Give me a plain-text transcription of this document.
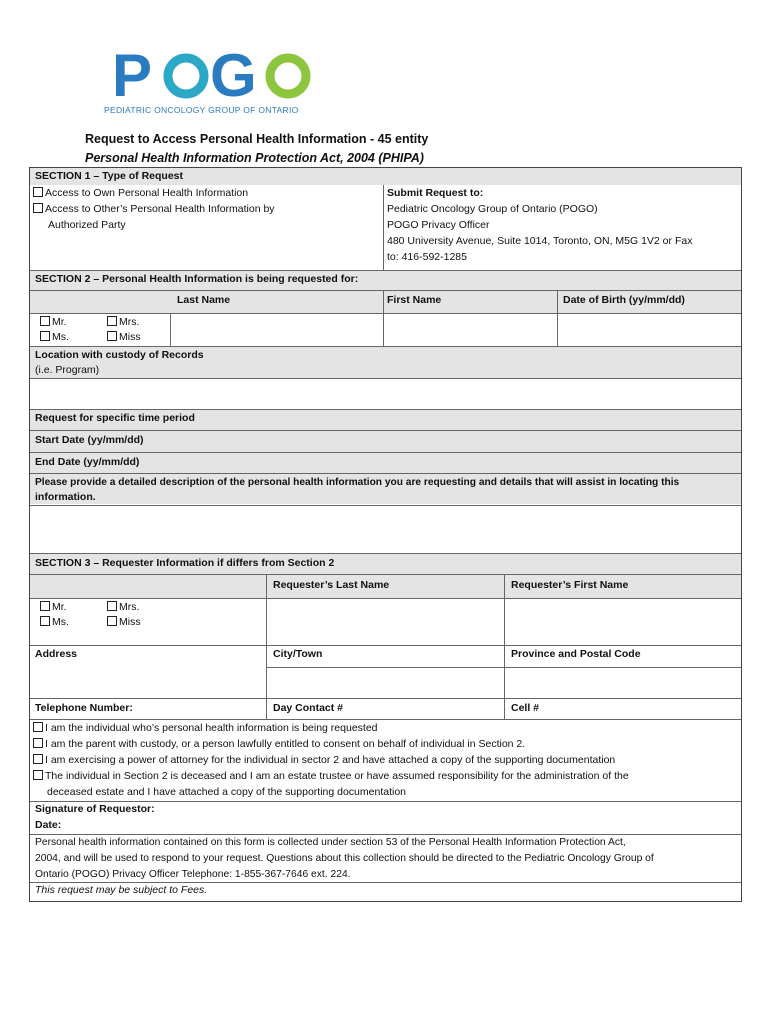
P G
PEDIATRIC ONCOLOGY GROUP OF ONTARIO
Request to Access Personal Health Information - 45 entity
Personal Health Information Protection Act, 2004 (PHIPA)
SECTION 1 – Type of Request
Access to Own Personal Health Information
Access to Other’s Personal Health Information by
Authorized Party
Submit Request to:
Pediatric Oncology Group of Ontario (POGO)
POGO Privacy Officer
480 University Avenue, Suite 1014, Toronto, ON, M5G 1V2 or Fax
to: 416-592-1285
SECTION 2 – Personal Health Information is being requested for:
Last Name	First Name	Date of Birth (yy/mm/dd)
Mr.	Mrs.
Ms.	Miss
Location with custody of Records
(i.e. Program)
Request for specific time period
Start Date (yy/mm/dd)
End Date (yy/mm/dd)
Please provide a detailed description of the personal health information you are requesting and details that will assist in locating this
information.
SECTION 3 – Requester Information if differs from Section 2
Requester’s Last Name	Requester’s First Name
Mr.	Mrs.
Ms.	Miss
Address	City/Town	Province and Postal Code
Telephone Number:	Day Contact #	Cell #
I am the individual who’s personal health information is being requested
I am the parent with custody, or a person lawfully entitled to consent on behalf of individual in Section 2.
I am exercising a power of attorney for the individual in sector 2 and have attached a copy of the supporting documentation
The individual in Section 2 is deceased and I am an estate trustee or have assumed responsibility for the administration of the
deceased estate and I have attached a copy of the supporting documentation
Signature of Requestor:
Date:
Personal health information contained on this form is collected under section 53 of the Personal Health Information Protection Act,
2004, and will be used to respond to your request. Questions about this collection should be directed to the Pediatric Oncology Group of
Ontario (POGO) Privacy Officer Telephone: 1-855-367-7646 ext. 224.
This request may be subject to Fees.
